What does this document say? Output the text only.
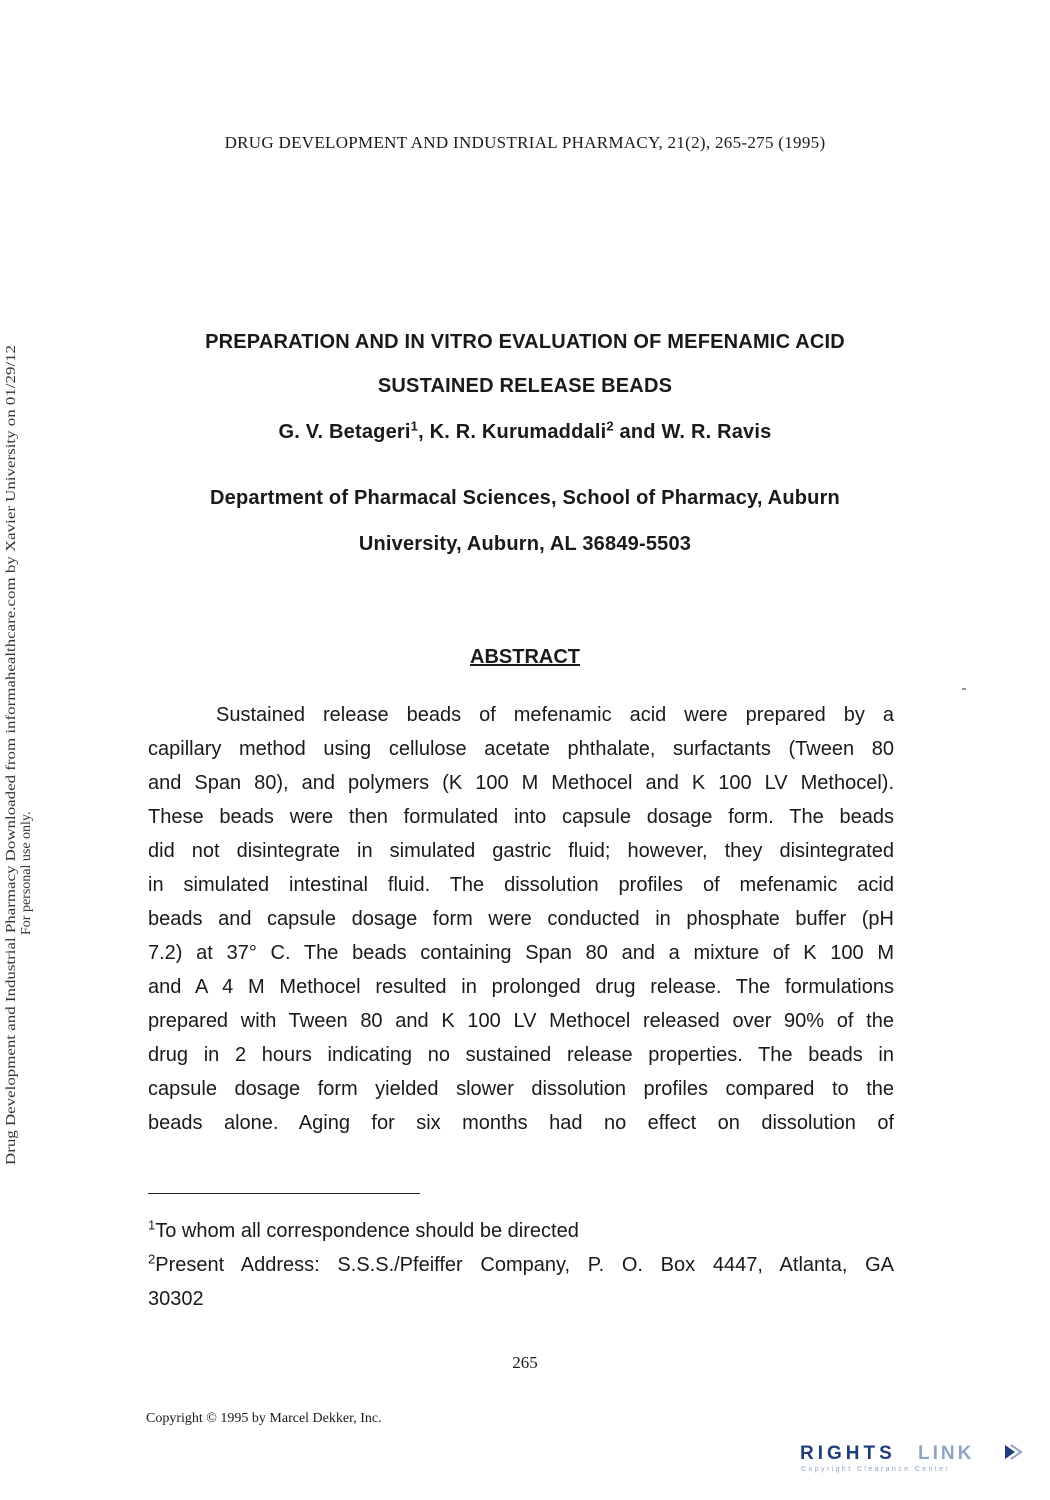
DRUG DEVELOPMENT AND INDUSTRIAL PHARMACY, 21(2), 265-275 (1995)
PREPARATION AND IN VITRO EVALUATION OF MEFENAMIC ACID
SUSTAINED RELEASE BEADS
G. V. Betageri$^1$, K. R. Kurumaddali$^2$ and W. R. Ravis
Department of Pharmacal Sciences, School of Pharmacy, Auburn
University, Auburn, AL 36849-5503
ABSTRACT
Sustained release beads of mefenamic acid were prepared by a
capillary method using cellulose acetate phthalate, surfactants (Tween 80
and Span 80), and polymers (K 100 M Methocel and K 100 LV Methocel).
These beads were then formulated into capsule dosage form. The beads
did not disintegrate in simulated gastric fluid; however, they disintegrated
in simulated intestinal fluid. The dissolution profiles of mefenamic acid
beads and capsule dosage form were conducted in phosphate buffer (pH
7.2) at 37° C. The beads containing Span 80 and a mixture of K 100 M
and A 4 M Methocel resulted in prolonged drug release. The formulations
prepared with Tween 80 and K 100 LV Methocel released over 90% of the
drug in 2 hours indicating no sustained release properties. The beads in
capsule dosage form yielded slower dissolution profiles compared to the
beads alone. Aging for six months had no effect on dissolution of
$^1$To whom all correspondence should be directed
$^2$Present Address: S.S.S./Pfeiffer Company, P. O. Box 4447, Atlanta, GA
30302
265
Copyright © 1995 by Marcel Dekker, Inc.
Drug Development and Industrial Pharmacy Downloaded from informahealthcare.com by Xavier University on 01/29/12 For personal use only.
RIGHTS LINK
Copyright Clearance Center
